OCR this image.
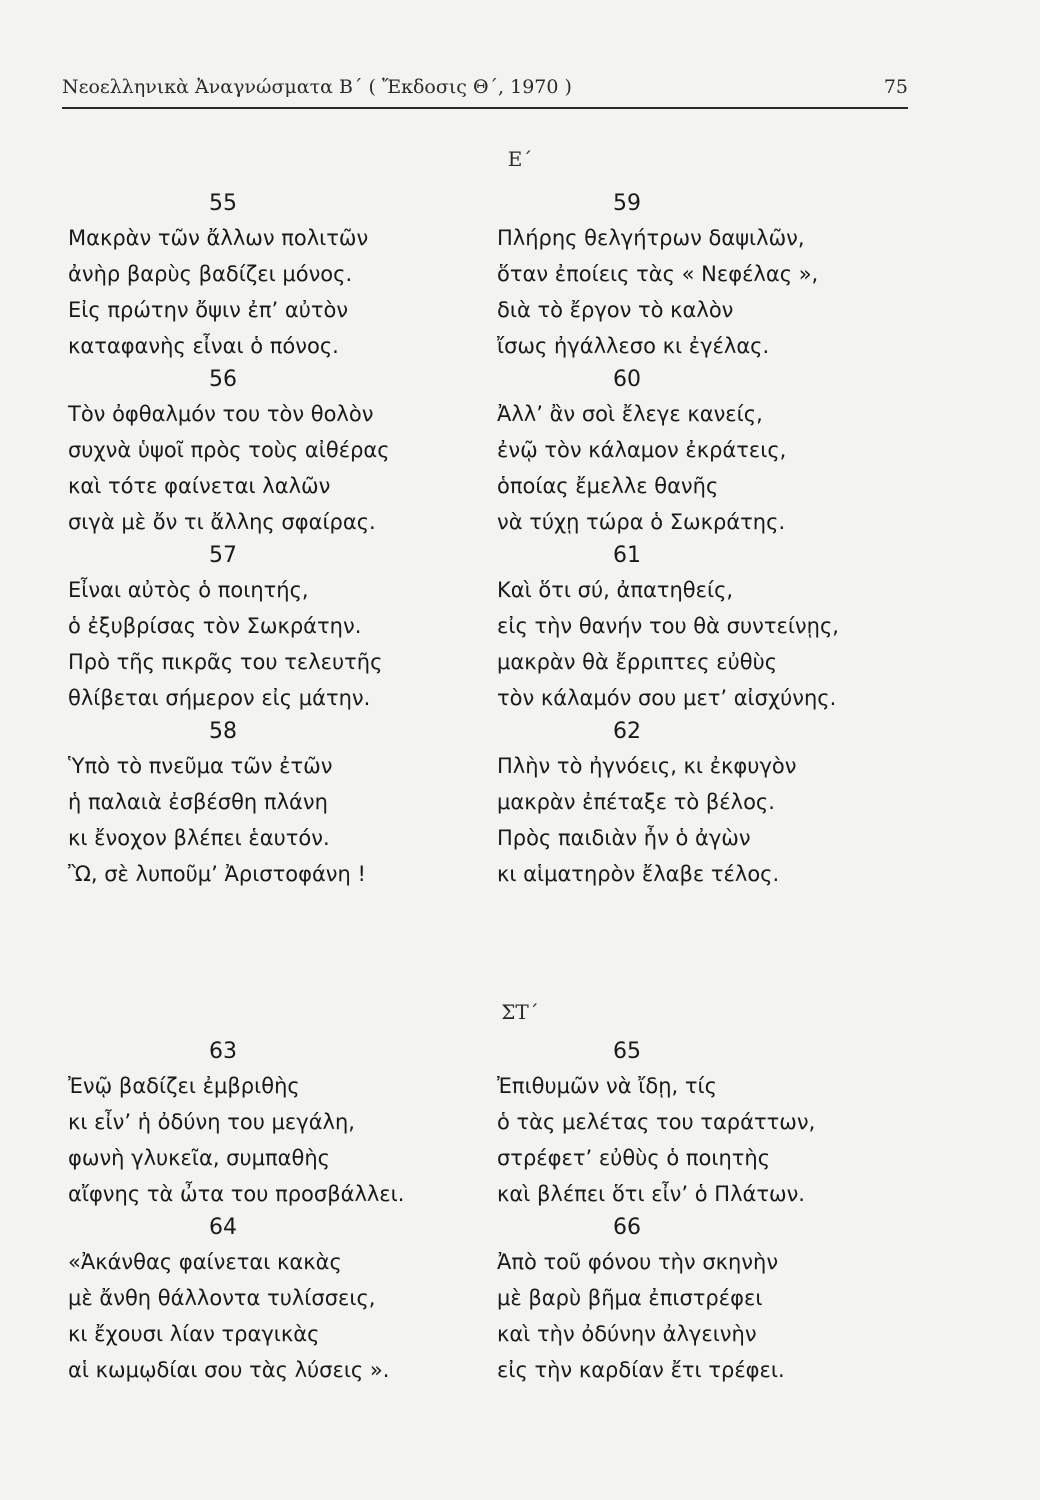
Νεοελληνικὰ Ἀναγνώσματα Β΄ ( Ἔκδοσις Θ΄, 1970 )	75
Ε΄
55
Μακρὰν τῶν ἄλλων πολιτῶν
ἀνὴρ βαρὺς βαδίζει μόνος.
Εἰς πρώτην ὄψιν ἐπ’ αὐτὸν
καταφανὴς εἶναι ὁ πόνος.
56
Τὸν ὀφθαλμόν του τὸν θολὸν
συχνὰ ὑψοῖ πρὸς τοὺς αἰθέρας
καὶ τότε φαίνεται λαλῶν
σιγὰ μὲ ὄν τι ἄλλης σφαίρας.
57
Εἶναι αὐτὸς ὁ ποιητής,
ὁ ἐξυβρίσας τὸν Σωκράτην.
Πρὸ τῆς πικρᾶς του τελευτῆς
θλίβεται σήμερον εἰς μάτην.
58
Ὑπὸ τὸ πνεῦμα τῶν ἐτῶν
ἡ παλαιὰ ἐσβέσθη πλάνη
κι ἔνοχον βλέπει ἑαυτόν.
Ὢ, σὲ λυποῦμ’ Ἀριστοφάνη !
59
Πλήρης θελγήτρων δαψιλῶν,
ὅταν ἐποίεις τὰς « Νεφέλας »,
διὰ τὸ ἔργον τὸ καλὸν
ἴσως ἠγάλλεσο κι ἐγέλας.
60
Ἀλλ’ ἂν σοὶ ἔλεγε κανείς,
ἐνῷ τὸν κάλαμον ἐκράτεις,
ὁποίας ἔμελλε θανῆς
νὰ τύχῃ τώρα ὁ Σωκράτης.
61
Καὶ ὅτι σύ, ἀπατηθείς,
εἰς τὴν θανήν του θὰ συντείνῃς,
μακρὰν θὰ ἔρριπτες εὐθὺς
τὸν κάλαμόν σου μετ’ αἰσχύνης.
62
Πλὴν τὸ ἠγνόεις, κι ἐκφυγὸν
μακρὰν ἐπέταξε τὸ βέλος.
Πρὸς παιδιὰν ἦν ὁ ἀγὼν
κι αἱματηρὸν ἔλαβε τέλος.
ΣΤ΄
63
Ἐνῷ βαδίζει ἐμβριθὴς
κι εἶν’ ἡ ὀδύνη του μεγάλη,
φωνὴ γλυκεῖα, συμπαθὴς
αἴφνης τὰ ὦτα του προσβάλλει.
64
«Ἀκάνθας φαίνεται κακὰς
μὲ ἄνθη θάλλοντα τυλίσσεις,
κι ἔχουσι λίαν τραγικὰς
αἱ κωμῳδίαι σου τὰς λύσεις ».
65
Ἐπιθυμῶν νὰ ἴδῃ, τίς
ὁ τὰς μελέτας του ταράττων,
στρέφετ’ εὐθὺς ὁ ποιητὴς
καὶ βλέπει ὅτι εἶν’ ὁ Πλάτων.
66
Ἀπὸ τοῦ φόνου τὴν σκηνὴν
μὲ βαρὺ βῆμα ἐπιστρέφει
καὶ τὴν ὀδύνην ἀλγεινὴν
εἰς τὴν καρδίαν ἔτι τρέφει.
